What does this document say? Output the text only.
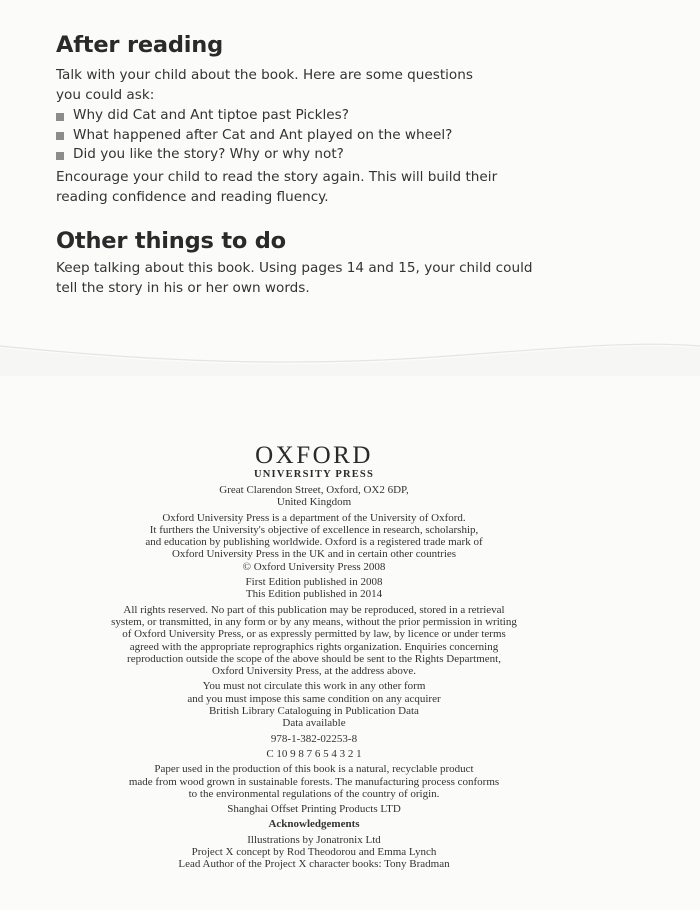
After reading

Talk with your child about the book. Here are some questions you could ask:

Why did Cat and Ant tiptoe past Pickles?
What happened after Cat and Ant played on the wheel?
Did you like the story? Why or why not?

Encourage your child to read the story again. This will build their reading confidence and reading fluency.

Other things to do

Keep talking about this book. Using pages 14 and 15, your child could tell the story in his or her own words.

OXFORD
UNIVERSITY PRESS
Great Clarendon Street, Oxford, OX2 6DP,
United Kingdom
Oxford University Press is a department of the University of Oxford.
It furthers the University's objective of excellence in research, scholarship,
and education by publishing worldwide. Oxford is a registered trade mark of
Oxford University Press in the UK and in certain other countries
© Oxford University Press 2008
First Edition published in 2008
This Edition published in 2014
All rights reserved. No part of this publication may be reproduced, stored in a retrieval
system, or transmitted, in any form or by any means, without the prior permission in writing
of Oxford University Press, or as expressly permitted by law, by licence or under terms
agreed with the appropriate reprographics rights organization. Enquiries concerning
reproduction outside the scope of the above should be sent to the Rights Department,
Oxford University Press, at the address above.
You must not circulate this work in any other form
and you must impose this same condition on any acquirer
British Library Cataloguing in Publication Data
Data available
978-1-382-02253-8
C 10 9 8 7 6 5 4 3 2 1
Paper used in the production of this book is a natural, recyclable product
made from wood grown in sustainable forests. The manufacturing process conforms
to the environmental regulations of the country of origin.
Shanghai Offset Printing Products LTD
Acknowledgements
Illustrations by Jonatronix Ltd
Project X concept by Rod Theodorou and Emma Lynch
Lead Author of the Project X character books: Tony Bradman
